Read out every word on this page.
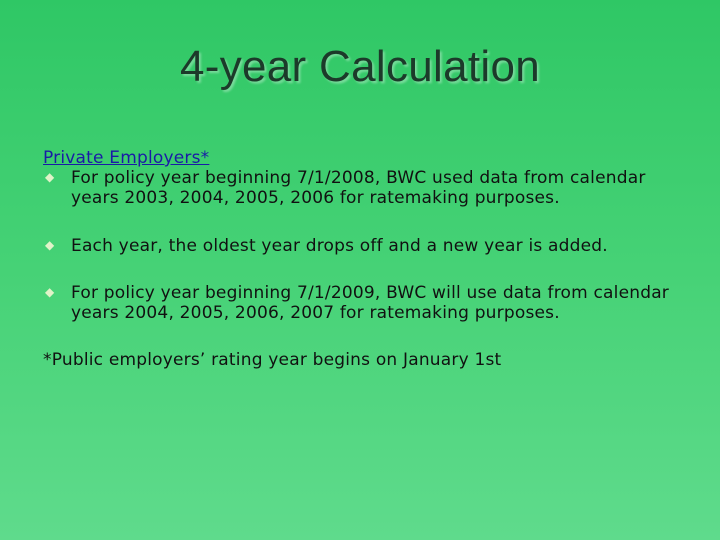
4-year Calculation
Private Employers*
◆ For policy year beginning 7/1/2008, BWC used data from calendar years 2003, 2004, 2005, 2006 for ratemaking purposes.
◆ Each year, the oldest year drops off and a new year is added.
◆ For policy year beginning 7/1/2009, BWC will use data from calendar years 2004, 2005, 2006, 2007 for ratemaking purposes.
*Public employers’ rating year begins on January 1st
